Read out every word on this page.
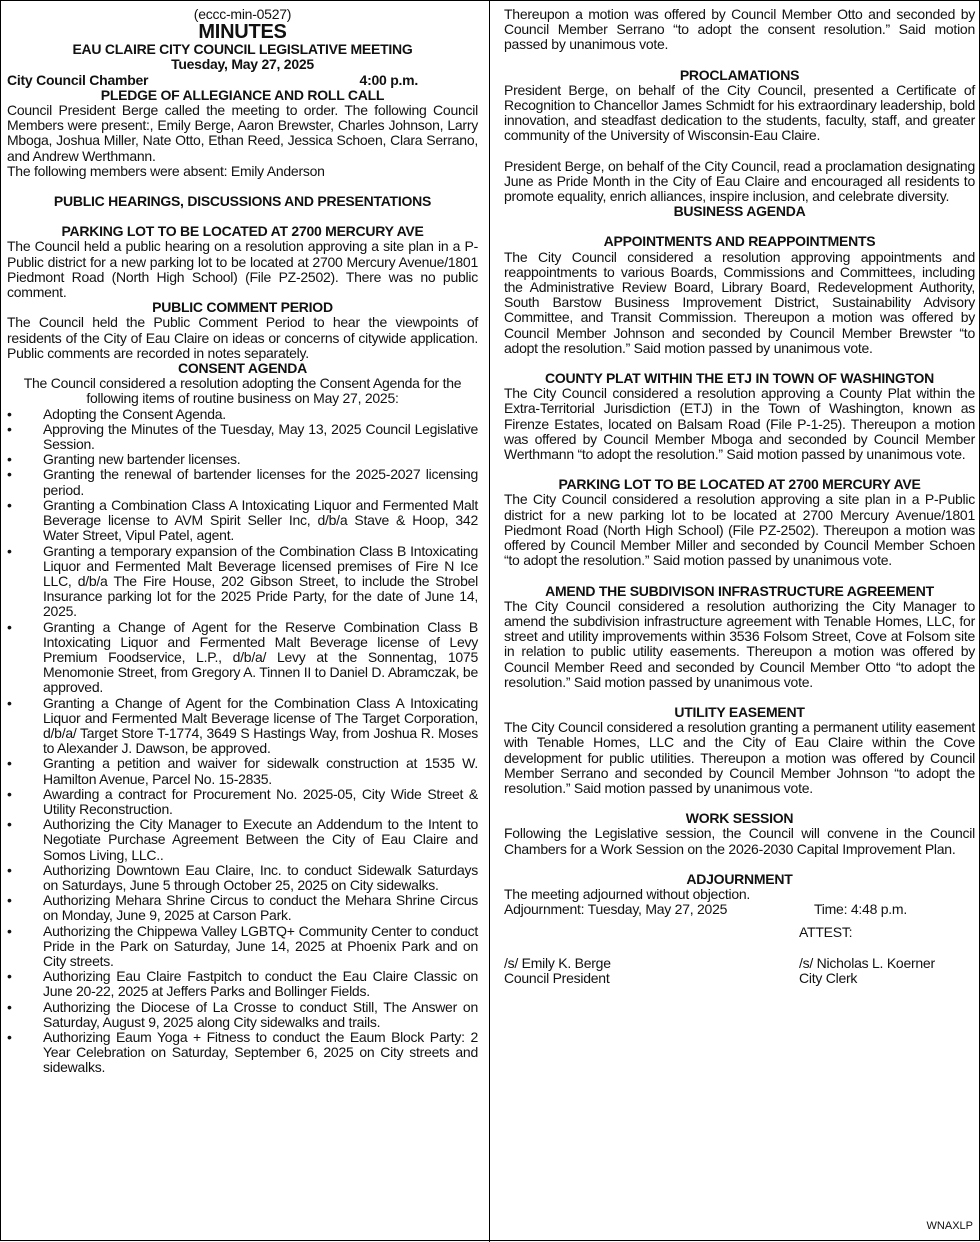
(eccc-min-0527)

MINUTES

EAU CLAIRE CITY COUNCIL LEGISLATIVE MEETING

Tuesday, May 27, 2025

City Council Chamber	4:00 p.m.

PLEDGE OF ALLEGIANCE AND ROLL CALL

Council President Berge called the meeting to order. The following Council Members were present:, Emily Berge, Aaron Brewster, Charles Johnson, Larry Mboga, Joshua Miller, Nate Otto, Ethan Reed, Jessica Schoen, Clara Serrano, and Andrew Werthmann.

The following members were absent: Emily Anderson

PUBLIC HEARINGS, DISCUSSIONS AND PRESENTATIONS

PARKING LOT TO BE LOCATED AT 2700 MERCURY AVE

The Council held a public hearing on a resolution approving a site plan in a P-Public district for a new parking lot to be located at 2700 Mercury Avenue/1801 Piedmont Road (North High School) (File PZ-2502). There was no public comment.

PUBLIC COMMENT PERIOD

The Council held the Public Comment Period to hear the viewpoints of residents of the City of Eau Claire on ideas or concerns of citywide application. Public comments are recorded in notes separately.

CONSENT AGENDA

The Council considered a resolution adopting the Consent Agenda for the following items of routine business on May 27, 2025:

• Adopting the Consent Agenda.
• Approving the Minutes of the Tuesday, May 13, 2025 Council Legislative Session.
• Granting new bartender licenses.
• Granting the renewal of bartender licenses for the 2025-2027 licensing period.
• Granting a Combination Class A Intoxicating Liquor and Fermented Malt Beverage license to AVM Spirit Seller Inc, d/b/a Stave & Hoop, 342 Water Street, Vipul Patel, agent.
• Granting a temporary expansion of the Combination Class B Intoxicating Liquor and Fermented Malt Beverage licensed premises of Fire N Ice LLC, d/b/a The Fire House, 202 Gibson Street, to include the Strobel Insurance parking lot for the 2025 Pride Party, for the date of June 14, 2025.
• Granting a Change of Agent for the Reserve Combination Class B Intoxicating Liquor and Fermented Malt Beverage license of Levy Premium Foodservice, L.P., d/b/a/ Levy at the Sonnentag, 1075 Menomonie Street, from Gregory A. Tinnen II to Daniel D. Abramczak, be approved.
• Granting a Change of Agent for the Combination Class A Intoxicating Liquor and Fermented Malt Beverage license of The Target Corporation, d/b/a/ Target Store T-1774, 3649 S Hastings Way, from Joshua R. Moses to Alexander J. Dawson, be approved.
• Granting a petition and waiver for sidewalk construction at 1535 W. Hamilton Avenue, Parcel No. 15-2835.
• Awarding a contract for Procurement No. 2025-05, City Wide Street & Utility Reconstruction.
• Authorizing the City Manager to Execute an Addendum to the Intent to Negotiate Purchase Agreement Between the City of Eau Claire and Somos Living, LLC..
• Authorizing Downtown Eau Claire, Inc. to conduct Sidewalk Saturdays on Saturdays, June 5 through October 25, 2025 on City sidewalks.
• Authorizing Mehara Shrine Circus to conduct the Mehara Shrine Circus on Monday, June 9, 2025 at Carson Park.
• Authorizing the Chippewa Valley LGBTQ+ Community Center to conduct Pride in the Park on Saturday, June 14, 2025 at Phoenix Park and on City streets.
• Authorizing Eau Claire Fastpitch to conduct the Eau Claire Classic on June 20-22, 2025 at Jeffers Parks and Bollinger Fields.
• Authorizing the Diocese of La Crosse to conduct Still, The Answer on Saturday, August 9, 2025 along City sidewalks and trails.
• Authorizing Eaum Yoga + Fitness to conduct the Eaum Block Party: 2 Year Celebration on Saturday, September 6, 2025 on City streets and sidewalks.

Thereupon a motion was offered by Council Member Otto and seconded by Council Member Serrano “to adopt the consent resolution.” Said motion passed by unanimous vote.

PROCLAMATIONS

President Berge, on behalf of the City Council, presented a Certificate of Recognition to Chancellor James Schmidt for his extraordinary leadership, bold innovation, and steadfast dedication to the students, faculty, staff, and greater community of the University of Wisconsin-Eau Claire.

President Berge, on behalf of the City Council, read a proclamation designating June as Pride Month in the City of Eau Claire and encouraged all residents to promote equality, enrich alliances, inspire inclusion, and celebrate diversity.

BUSINESS AGENDA

APPOINTMENTS AND REAPPOINTMENTS

The City Council considered a resolution approving appointments and reappointments to various Boards, Commissions and Committees, including the Administrative Review Board, Library Board, Redevelopment Authority, South Barstow Business Improvement District, Sustainability Advisory Committee, and Transit Commission. Thereupon a motion was offered by Council Member Johnson and seconded by Council Member Brewster “to adopt the resolution.” Said motion passed by unanimous vote.

COUNTY PLAT WITHIN THE ETJ IN TOWN OF WASHINGTON

The City Council considered a resolution approving a County Plat within the Extra-Territorial Jurisdiction (ETJ) in the Town of Washington, known as Firenze Estates, located on Balsam Road (File P-1-25). Thereupon a motion was offered by Council Member Mboga and seconded by Council Member Werthmann “to adopt the resolution.” Said motion passed by unanimous vote.

PARKING LOT TO BE LOCATED AT 2700 MERCURY AVE

The City Council considered a resolution approving a site plan in a P-Public district for a new parking lot to be located at 2700 Mercury Avenue/1801 Piedmont Road (North High School) (File PZ-2502). Thereupon a motion was offered by Council Member Miller and seconded by Council Member Schoen “to adopt the resolution.” Said motion passed by unanimous vote.

AMEND THE SUBDIVISON INFRASTRUCTURE AGREEMENT

The City Council considered a resolution authorizing the City Manager to amend the subdivision infrastructure agreement with Tenable Homes, LLC, for street and utility improvements within 3536 Folsom Street, Cove at Folsom site in relation to public utility easements. Thereupon a motion was offered by Council Member Reed and seconded by Council Member Otto “to adopt the resolution.” Said motion passed by unanimous vote.

UTILITY EASEMENT

The City Council considered a resolution granting a permanent utility easement with Tenable Homes, LLC and the City of Eau Claire within the Cove development for public utilities. Thereupon a motion was offered by Council Member Serrano and seconded by Council Member Johnson “to adopt the resolution.” Said motion passed by unanimous vote.

WORK SESSION

Following the Legislative session, the Council will convene in the Council Chambers for a Work Session on the 2026-2030 Capital Improvement Plan.

ADJOURNMENT

The meeting adjourned without objection.

Adjournment: Tuesday, May 27, 2025	Time: 4:48 p.m.

/s/ Emily K. Berge

Council President

ATTEST:

/s/ Nicholas L. Koerner

City Clerk

WNAXLP
